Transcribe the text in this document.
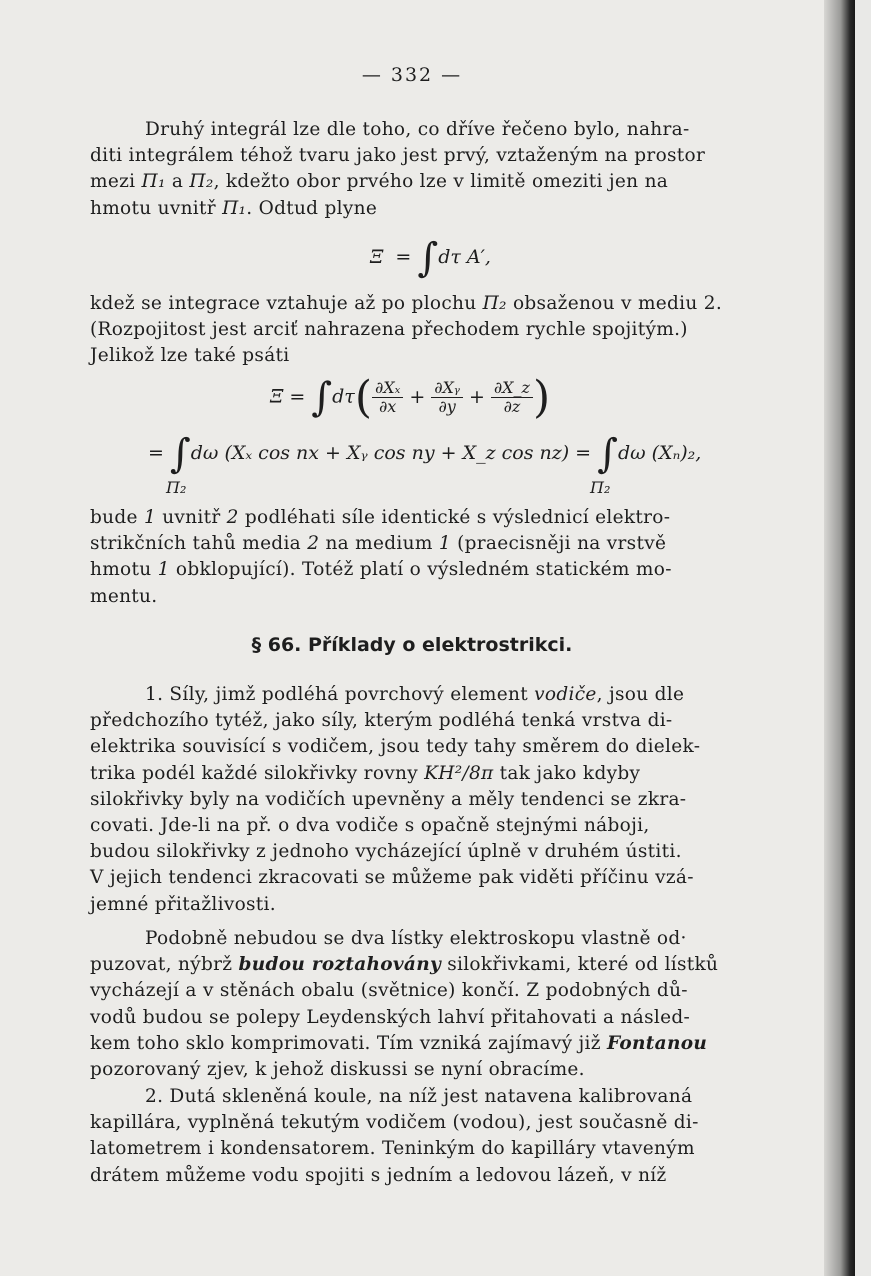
— 332 —
Druhý integrál lze dle toho, co dříve řečeno bylo, nahra-
diti integrálem téhož tvaru jako jest prvý, vztaženým na prostor
mezi Π₁ a Π₂, kdežto obor prvého lze v limitě omeziti jen na
hmotu uvnitř Π₁. Odtud plyne
Ξ = ∫dτ A′,
kdež se integrace vztahuje až po plochu Π₂ obsaženou v mediu 2.
(Rozpojitost jest arciť nahrazena přechodem rychle spojitým.)
Jelikož lze také psáti
$\Xi = \int d\tau( \frac{\text{∂Xₓ}}{\partial x} + \frac{\text{∂Xᵧ}}{\partial y} + \frac{\partial X\_z}{\partial z}$ )
= ∫dω (Xₓ cos nx + Xᵧ cos ny + X_z cos nz) = ∫dω (Xₙ)₂,
Π₂	Π₂
bude 1 uvnitř 2 podléhati síle identické s výslednicí elektro-
strikčních tahů media 2 na medium 1 (praecisněji na vrstvě
hmotu 1 obklopující). Totéž platí o výsledném statickém mo-
mentu.
§ 66. Příklady o elektrostrikci.
1. Síly, jimž podléhá povrchový element vodiče, jsou dle
předchozího tytéž, jako síly, kterým podléhá tenká vrstva di-
elektrika souvisící s vodičem, jsou tedy tahy směrem do dielek-
trika podél každé silokřivky rovny KH²/8π tak jako kdyby
silokřivky byly na vodičích upevněny a měly tendenci se zkra-
covati. Jde-li na př. o dva vodiče s opačně stejnými náboji,
budou silokřivky z jednoho vycházející úplně v druhém ústiti.
V jejich tendenci zkracovati se můžeme pak viděti příčinu vzá-
jemné přitažlivosti.
Podobně nebudou se dva lístky elektroskopu vlastně od·
puzovat, nýbrž budou roztahovány silokřivkami, které od lístků
vycházejí a v stěnách obalu (světnice) končí. Z podobných dů-
vodů budou se polepy Leydenských lahví přitahovati a násled-
kem toho sklo komprimovati. Tím vzniká zajímavý již Fontanou
pozorovaný zjev, k jehož diskussi se nyní obracíme.
2. Dutá skleněná koule, na níž jest natavena kalibrovaná
kapillára, vyplněná tekutým vodičem (vodou), jest současně di-
latometrem i kondensatorem. Teninkým do kapilláry vtaveným
drátem můžeme vodu spojiti s jedním a ledovou lázeň, v níž
